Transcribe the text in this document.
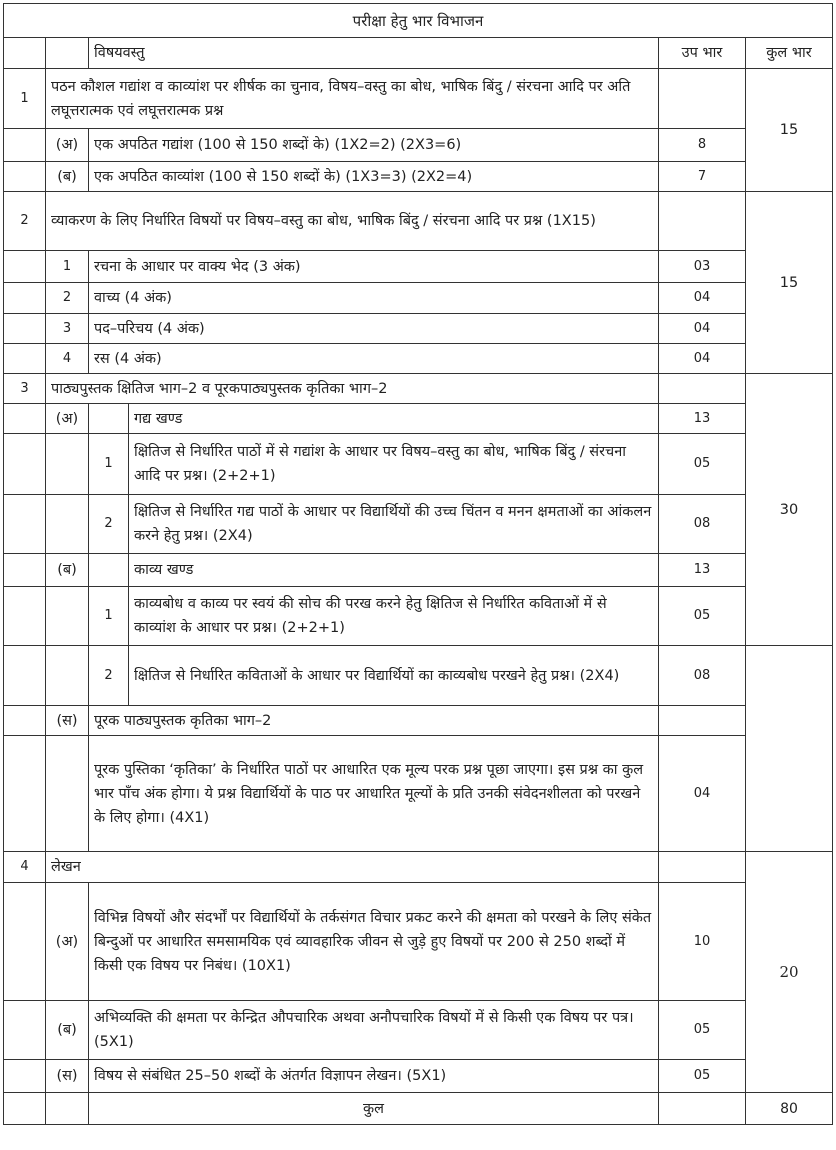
परीक्षा हेतु भार विभाजन					
		विषयवस्तु		उप भार	कुल भार
1	पठन कौशल गद्यांश व काव्यांश पर शीर्षक का चुनाव, विषय–वस्तु का बोध, भाषिक बिंदु / संरचना आदि पर अति लघूत्तरात्मक एवं लघूत्तरात्मक प्रश्न				15
	(अ)	एक अपठित गद्यांश (100 से 150 शब्दों के) (1X2=2) (2X3=6)		8	
	(ब)	एक अपठित काव्यांश (100 से 150 शब्दों के) (1X3=3) (2X2=4)		7	
2	व्याकरण के लिए निर्धारित विषयों पर विषय–वस्तु का बोध, भाषिक बिंदु / संरचना आदि पर प्रश्न (1X15)				15
	1	रचना के आधार पर वाक्य भेद (3 अंक)		03	
	2	वाच्य (4 अंक)		04	
	3	पद–परिचय (4 अंक)		04	
	4	रस (4 अंक)		04	
3	पाठ्यपुस्तक क्षितिज भाग–2 व पूरकपाठ्यपुस्तक कृतिका भाग–2				30
	(अ)		गद्य खण्ड	13	
		1	क्षितिज से निर्धारित पाठों में से गद्यांश के आधार पर विषय–वस्तु का बोध, भाषिक बिंदु / संरचना आदि पर प्रश्न। (2+2+1)	05	
		2	क्षितिज से निर्धारित गद्य पाठों के आधार पर विद्यार्थियों की उच्च चिंतन व मनन क्षमताओं का आंकलन करने हेतु प्रश्न। (2X4)	08	
	(ब)		काव्य खण्ड	13	
		1	काव्यबोध व काव्य पर स्वयं की सोच की परख करने हेतु क्षितिज से निर्धारित कविताओं में से काव्यांश के आधार पर प्रश्न। (2+2+1)	05	
		2	क्षितिज से निर्धारित कविताओं के आधार पर विद्यार्थियों का काव्यबोध परखने हेतु प्रश्न। (2X4)	08	
	(स)	पूरक पाठ्यपुस्तक कृतिका भाग–2			
		पूरक पुस्तिका ‘कृतिका’ के निर्धारित पाठों पर आधारित एक मूल्य परक प्रश्न पूछा जाएगा। इस प्रश्न का कुल भार पाँच अंक होगा। ये प्रश्न विद्यार्थियों के पाठ पर आधारित मूल्यों के प्रति उनकी संवेदनशीलता को परखने के लिए होगा। (4X1)		04	
4	लेखन				20
	(अ)	विभिन्न विषयों और संदर्भों पर विद्यार्थियों के तर्कसंगत विचार प्रकट करने की क्षमता को परखने के लिए संकेत बिन्दुओं पर आधारित समसामयिक एवं व्यावहारिक जीवन से जुड़े हुए विषयों पर 200 से 250 शब्दों में किसी एक विषय पर निबंध। (10X1)		10	
	(ब)	अभिव्यक्ति की क्षमता पर केन्द्रित औपचारिक अथवा अनौपचारिक विषयों में से किसी एक विषय पर पत्र। (5X1)		05	
	(स)	विषय से संबंधित 25–50 शब्दों के अंतर्गत विज्ञापन लेखन। (5X1)		05	
		कुल			80
